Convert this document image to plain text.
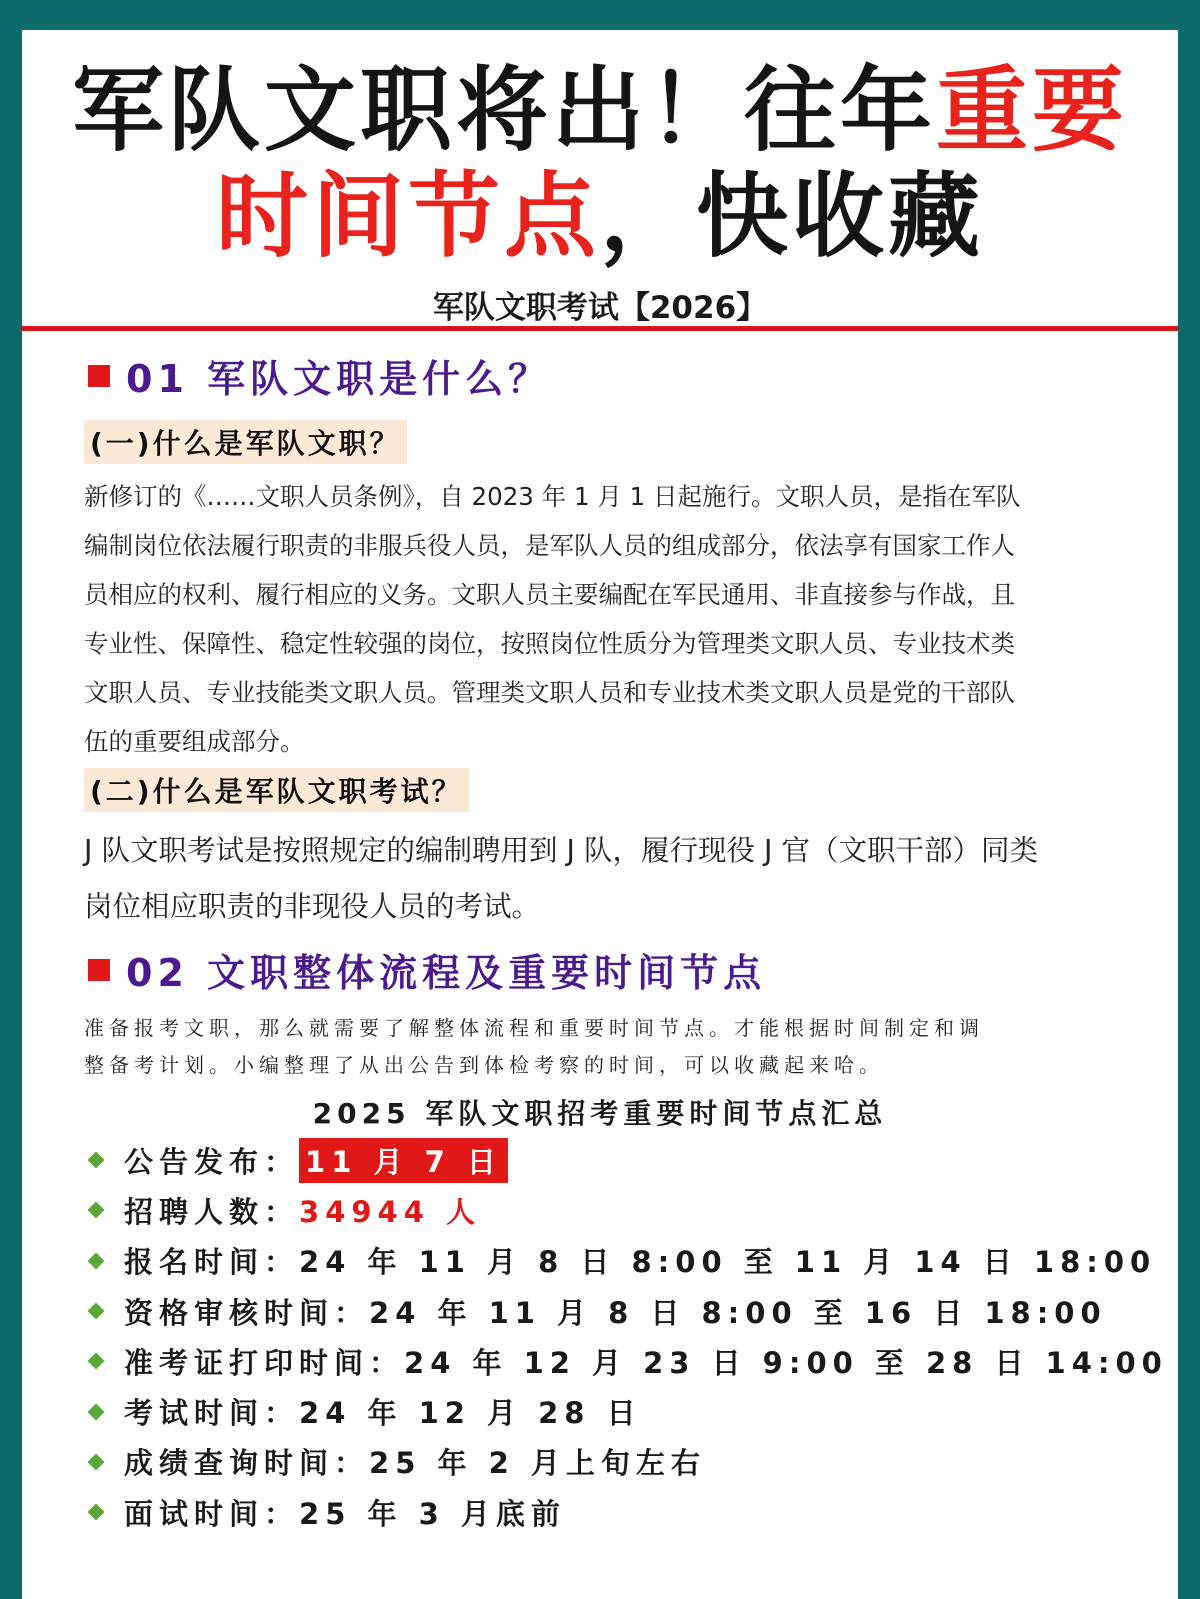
军队文职将出！往年重要
时间节点，快收藏
军队文职考试【2026】
01 军队文职是什么？
(一)什么是军队文职？
新修订的《……文职人员条例》，自 2023 年 1 月 1 日起施行。文职人员，是指在军队
编制岗位依法履行职责的非服兵役人员，是军队人员的组成部分，依法享有国家工作人
员相应的权利、履行相应的义务。文职人员主要编配在军民通用、非直接参与作战，且
专业性、保障性、稳定性较强的岗位，按照岗位性质分为管理类文职人员、专业技术类
文职人员、专业技能类文职人员。管理类文职人员和专业技术类文职人员是党的干部队
伍的重要组成部分。
(二)什么是军队文职考试？
J 队文职考试是按照规定的编制聘用到 J 队，履行现役 J 官（文职干部）同类
岗位相应职责的非现役人员的考试。
02 文职整体流程及重要时间节点
准备报考文职，那么就需要了解整体流程和重要时间节点。才能根据时间制定和调
整备考计划。小编整理了从出公告到体检考察的时间，可以收藏起来哈。
2025 军队文职招考重要时间节点汇总
公告发布： 11 月 7 日
招聘人数： 34944 人
报名时间： 24 年 11 月 8 日 8:00 至 11 月 14 日 18:00
资格审核时间： 24 年 11 月 8 日 8:00 至 16 日 18:00
准考证打印时间： 24 年 12 月 23 日 9:00 至 28 日 14:00
考试时间： 24 年 12 月 28 日
成绩查询时间： 25 年 2 月上旬左右
面试时间： 25 年 3 月底前
